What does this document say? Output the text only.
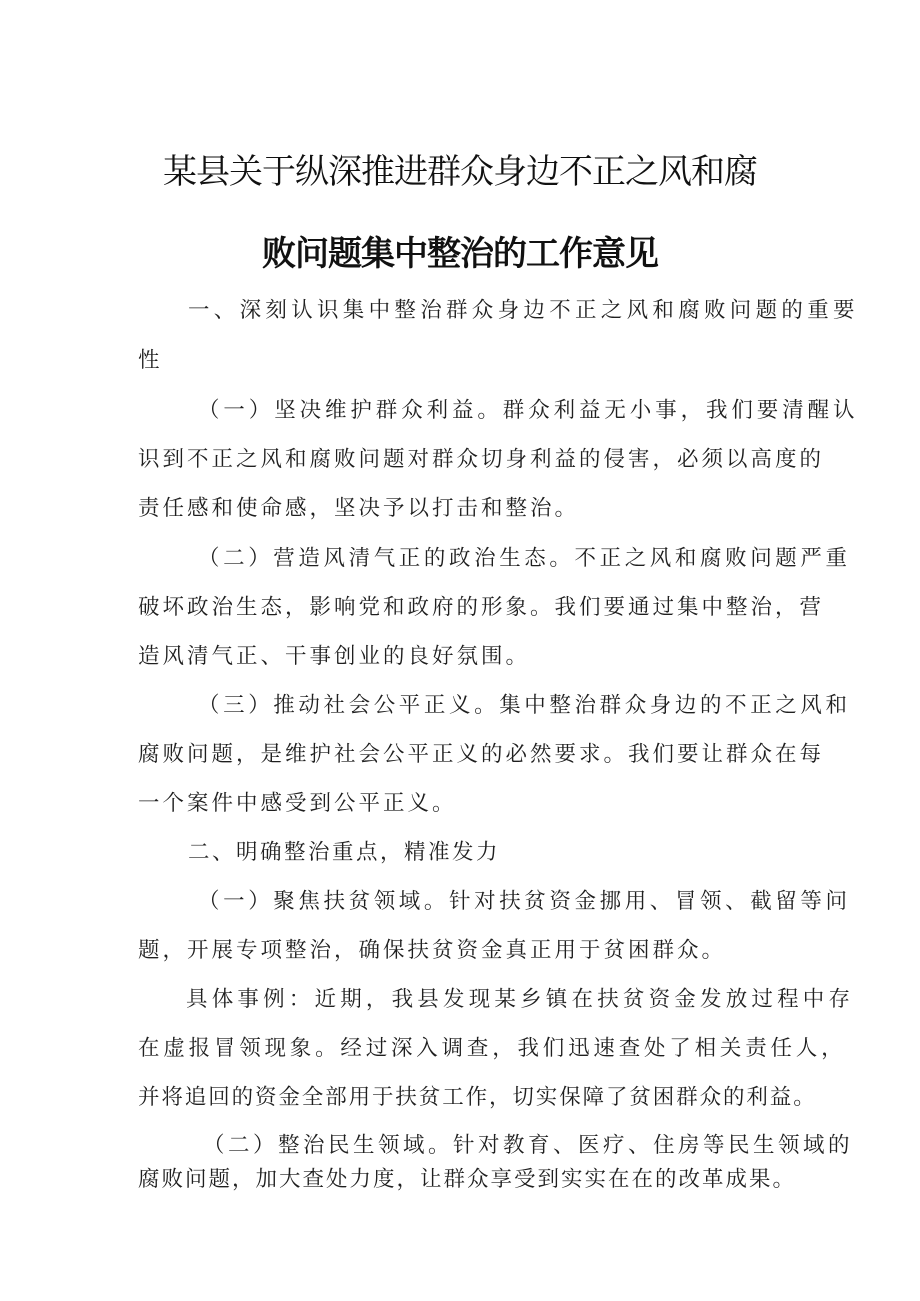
某县关于纵深推进群众身边不正之风和腐
败问题集中整治的工作意见
一、深刻认识集中整治群众身边不正之风和腐败问题的重要
性
（一）坚决维护群众利益。群众利益无小事，我们要清醒认
识到不正之风和腐败问题对群众切身利益的侵害，必须以高度的
责任感和使命感，坚决予以打击和整治。
（二）营造风清气正的政治生态。不正之风和腐败问题严重
破坏政治生态，影响党和政府的形象。我们要通过集中整治，营
造风清气正、干事创业的良好氛围。
（三）推动社会公平正义。集中整治群众身边的不正之风和
腐败问题，是维护社会公平正义的必然要求。我们要让群众在每
一个案件中感受到公平正义。
二、明确整治重点，精准发力
（一）聚焦扶贫领域。针对扶贫资金挪用、冒领、截留等问
题，开展专项整治，确保扶贫资金真正用于贫困群众。
具体事例：近期，我县发现某乡镇在扶贫资金发放过程中存
在虚报冒领现象。经过深入调查，我们迅速查处了相关责任人，
并将追回的资金全部用于扶贫工作，切实保障了贫困群众的利益。
（二）整治民生领域。针对教育、医疗、住房等民生领域的
腐败问题，加大查处力度，让群众享受到实实在在的改革成果。
